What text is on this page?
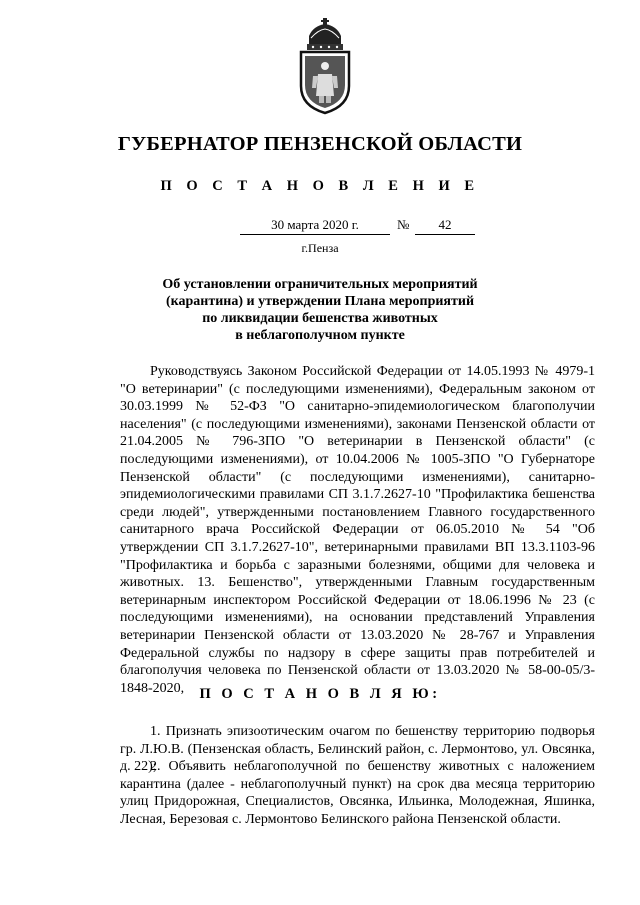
ГУБЕРНАТОР ПЕНЗЕНСКОЙ ОБЛАСТИ
П О С Т А Н О В Л Е Н И Е
30 марта 2020 г.	№	42
г.Пенза
Об установлении ограничительных мероприятий
(карантина) и утверждении Плана мероприятий
по ликвидации бешенства животных
в неблагополучном пункте

Руководствуясь Законом Российской Федерации от 14.05.1993 № 4979-1 "О ветеринарии" (с последующими изменениями), Федеральным законом от 30.03.1999 № 52-ФЗ "О санитарно-эпидемиологическом благополучии населения" (с последующими изменениями), законами Пензенской области от 21.04.2005 № 796-ЗПО "О ветеринарии в Пензенской области" (с последующими изменениями), от 10.04.2006 № 1005-ЗПО "О Губернаторе Пензенской области" (с последующими изменениями), санитарно-эпидемиологическими правилами СП 3.1.7.2627-10 "Профилактика бешенства среди людей", утвержденными постановлением Главного государственного санитарного врача Российской Федерации от 06.05.2010 № 54 "Об утверждении СП 3.1.7.2627-10", ветеринарными правилами ВП 13.3.1103-96 "Профилактика и борьба с заразными болезнями, общими для человека и животных. 13. Бешенство", утвержденными Главным государственным ветеринарным инспектором Российской Федерации от 18.06.1996 № 23 (с последующими изменениями), на основании представлений Управления ветеринарии Пензенской области от 13.03.2020 № 28-767 и Управления Федеральной службы по надзору в сфере защиты прав потребителей и благополучия человека по Пензенской области от 13.03.2020 № 58-00-05/3-1848-2020,	П О С Т А Н О В Л Я Ю:

1. Признать эпизоотическим очагом по бешенству территорию подворья гр. Л.Ю.В. (Пензенская область, Белинский район, с. Лермонтово, ул. Овсянка, д. 22);

2. Объявить неблагополучной по бешенству животных с наложением карантина (далее - неблагополучный пункт) на срок два месяца территорию улиц Придорожная, Специалистов, Овсянка, Ильинка, Молодежная, Яшинка, Лесная, Березовая с. Лермонтово Белинского района Пензенской области.
